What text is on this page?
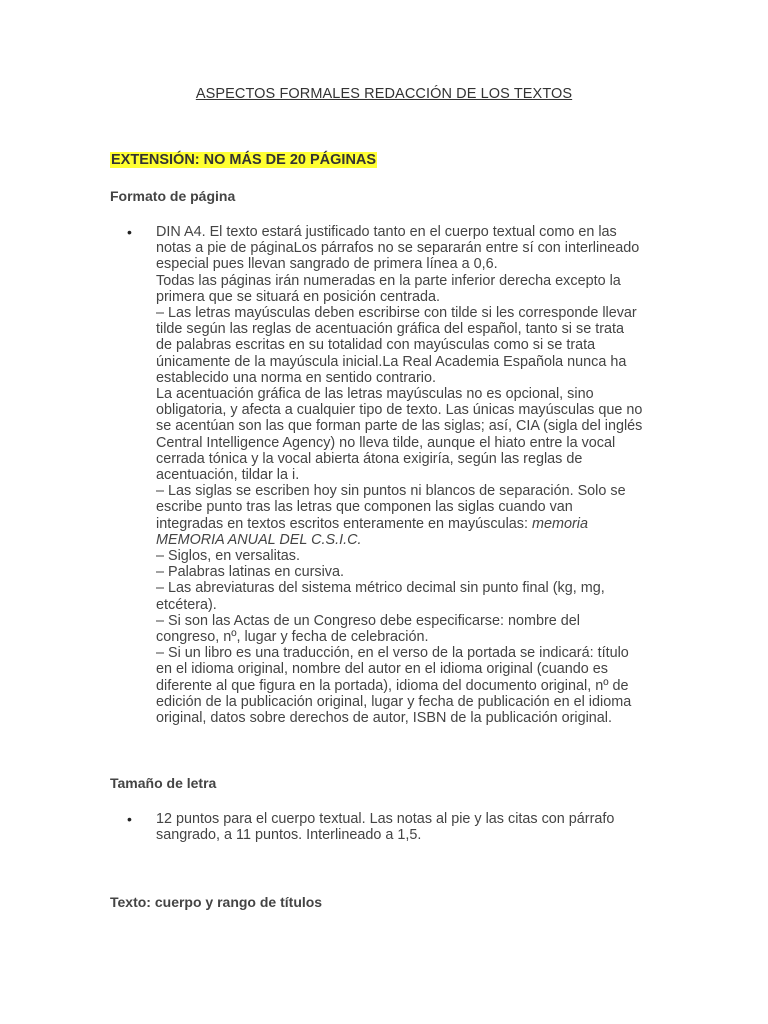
ASPECTOS FORMALES REDACCIÓN DE LOS TEXTOS
EXTENSIÓN: NO MÁS DE 20 PÁGINAS
Formato de página
• DIN A4. El texto estará justificado tanto en el cuerpo textual como en las

notas a pie de páginaLos párrafos no se separarán entre sí con interlineado

especial pues llevan sangrado de primera línea a 0,6.

Todas las páginas irán numeradas en la parte inferior derecha excepto la

primera que se situará en posición centrada.

– Las letras mayúsculas deben escribirse con tilde si les corresponde llevar

tilde según las reglas de acentuación gráfica del español, tanto si se trata

de palabras escritas en su totalidad con mayúsculas como si se trata

únicamente de la mayúscula inicial.La Real Academia Española nunca ha

establecido una norma en sentido contrario.

La acentuación gráfica de las letras mayúsculas no es opcional, sino

obligatoria, y afecta a cualquier tipo de texto. Las únicas mayúsculas que no

se acentúan son las que forman parte de las siglas; así, CIA (sigla del inglés

Central Intelligence Agency) no lleva tilde, aunque el hiato entre la vocal

cerrada tónica y la vocal abierta átona exigiría, según las reglas de

acentuación, tildar la i.

– Las siglas se escriben hoy sin puntos ni blancos de separación. Solo se

escribe punto tras las letras que componen las siglas cuando van

integradas en textos escritos enteramente en mayúsculas: memoria

MEMORIA ANUAL DEL C.S.I.C.

– Siglos, en versalitas.

– Palabras latinas en cursiva.

– Las abreviaturas del sistema métrico decimal sin punto final (kg, mg,

etcétera).

– Si son las Actas de un Congreso debe especificarse: nombre del

congreso, nº, lugar y fecha de celebración.

– Si un libro es una traducción, en el verso de la portada se indicará: título

en el idioma original, nombre del autor en el idioma original (cuando es

diferente al que figura en la portada), idioma del documento original, nº de

edición de la publicación original, lugar y fecha de publicación en el idioma

original, datos sobre derechos de autor, ISBN de la publicación original.

Tamaño de letra
• 12 puntos para el cuerpo textual. Las notas al pie y las citas con párrafo

sangrado, a 11 puntos. Interlineado a 1,5.

Texto: cuerpo y rango de títulos
